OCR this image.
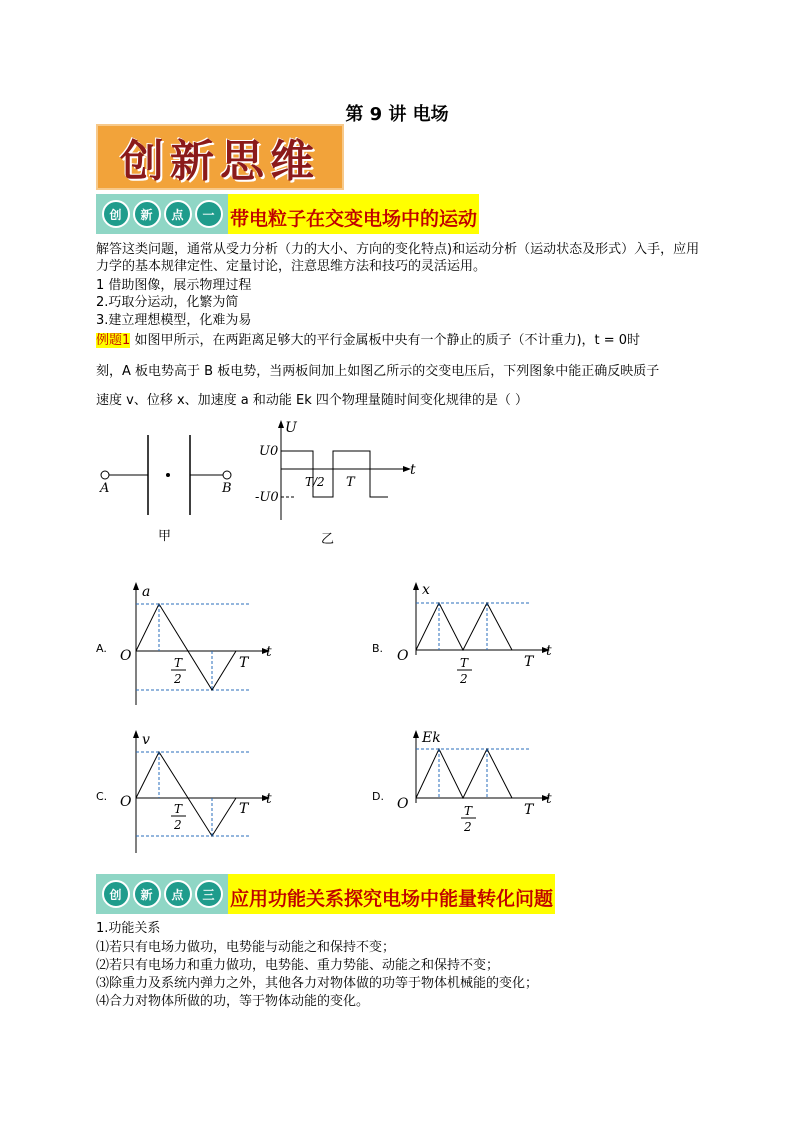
第 9 讲 电场
创新思维
创	新	点	一 带电粒子在交变电场中的运动
解答这类问题，通常从受力分析（力的大小、方向的变化特点)和运动分析（运动状态及形式）入手，应用力学的基本规律定性、定量讨论，注意思维方法和技巧的灵活运用。
1 借助图像，展示物理过程
2.巧取分运动，化繁为简
3.建立理想模型，化难为易
例题1 如图甲所示，在两距离足够大的平行金属板中央有一个静止的质子（不计重力)，t = 0时
刻，A 板电势高于 B 板电势，当两板间加上如图乙所示的交变电压后，下列图象中能正确反映质子
速度 v、位移 x、加速度 a 和动能 Ek 四个物理量随时间变化规律的是（ ）
A	B
甲
U
U0
-U0
T/2 T
t
乙
A.
a
O	T
2
T
t	B.
x
O	T
2
T
t
C.
v
O	T
2
T
t	D.
Ek
O	T
2
T
t
创	新	点	三 应用功能关系探究电场中能量转化问题
1.功能关系
⑴若只有电场力做功，电势能与动能之和保持不变；
⑵若只有电场力和重力做功，电势能、重力势能、动能之和保持不变；
⑶除重力及系统内弹力之外，其他各力对物体做的功等于物体机械能的变化；
⑷合力对物体所做的功，等于物体动能的变化。
